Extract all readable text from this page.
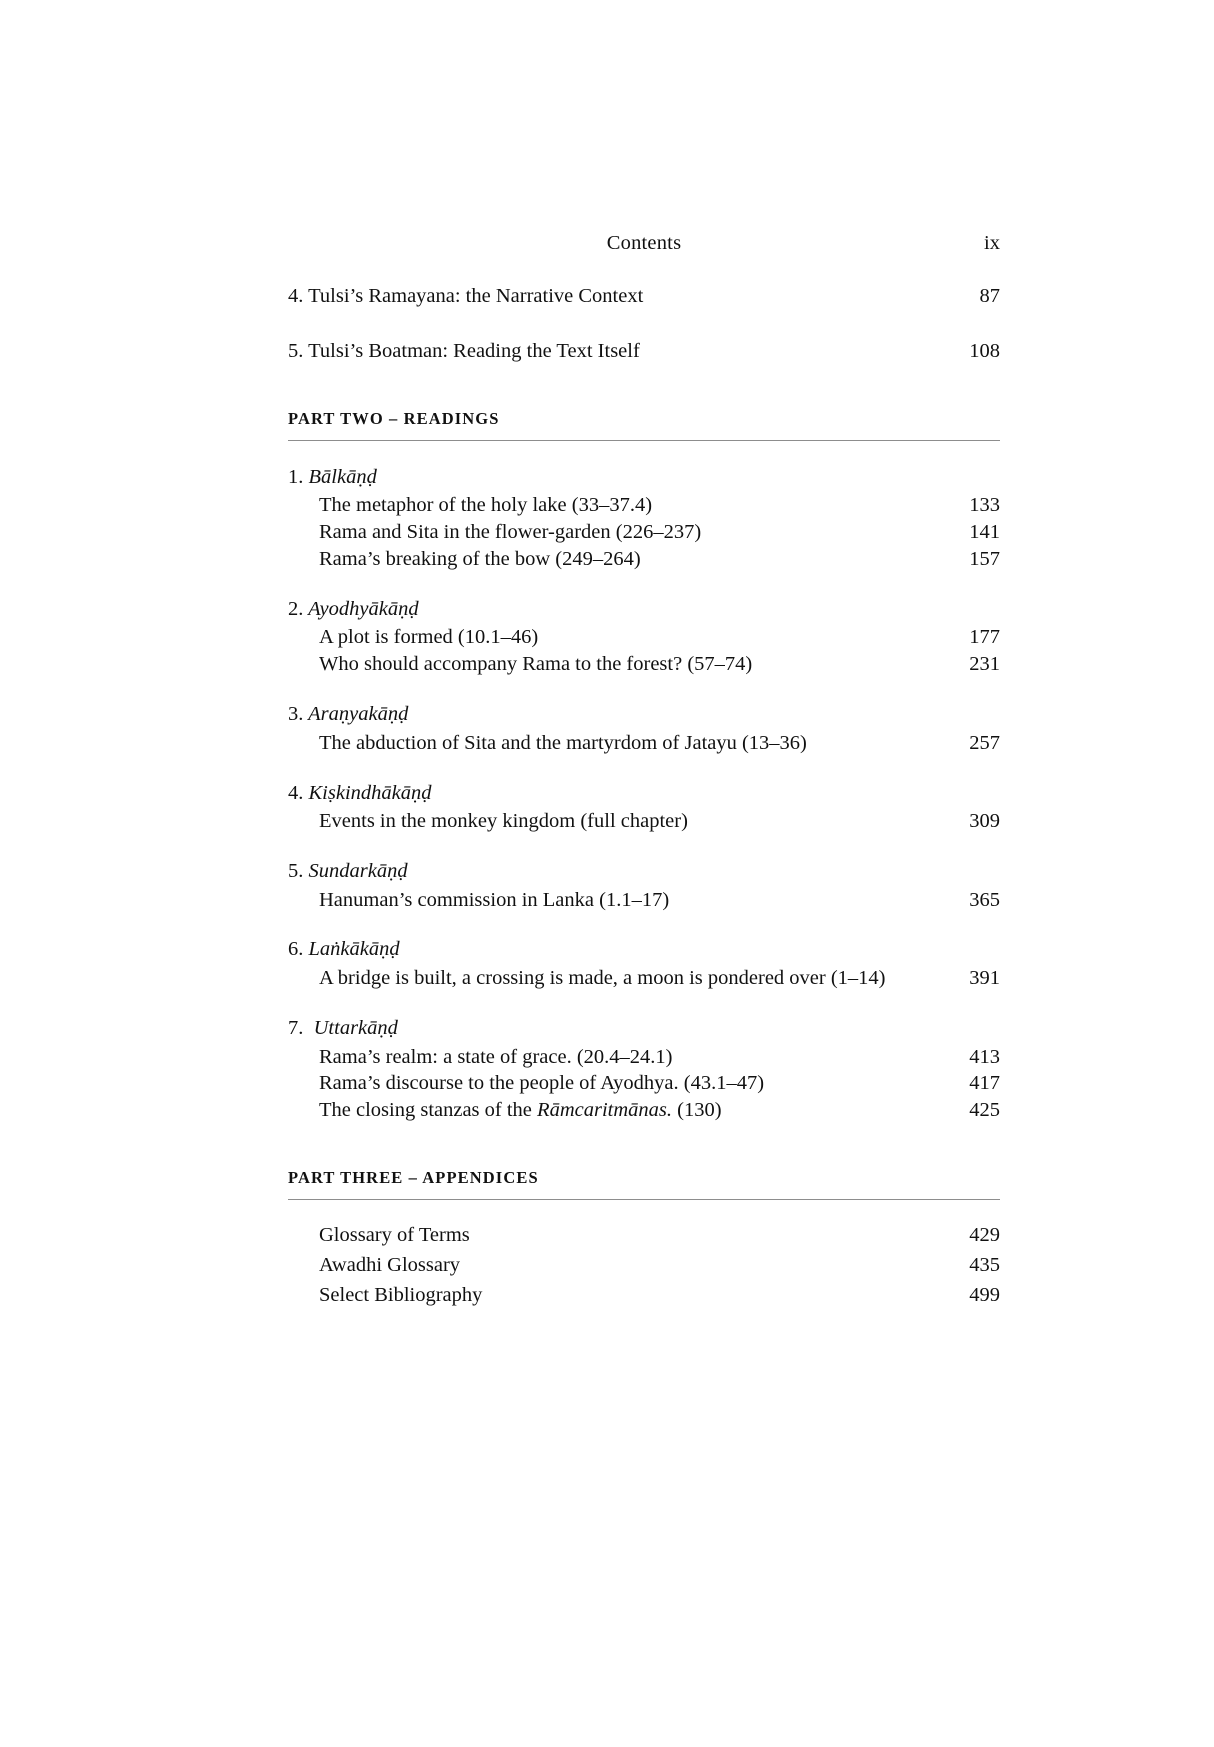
Contents	ix
4. Tulsi’s Ramayana: the Narrative Context	87
5. Tulsi’s Boatman: Reading the Text Itself	108
PART TWO – READINGS
1. Bālkāṇḍ
The metaphor of the holy lake (33–37.4)	133
Rama and Sita in the flower-garden (226–237)	141
Rama’s breaking of the bow (249–264)	157
2. Ayodhyākāṇḍ
A plot is formed (10.1–46)	177
Who should accompany Rama to the forest? (57–74)	231
3. Araṇyakāṇḍ
The abduction of Sita and the martyrdom of Jatayu (13–36)	257
4. Kiṣkindhākāṇḍ
Events in the monkey kingdom (full chapter)	309
5. Sundarkāṇḍ
Hanuman’s commission in Lanka (1.1–17)	365
6. Laṅkākāṇḍ
A bridge is built, a crossing is made, a moon is pondered over (1–14)	391
7. Uttarkāṇḍ
Rama’s realm: a state of grace. (20.4–24.1)	413
Rama’s discourse to the people of Ayodhya. (43.1–47)	417
The closing stanzas of the Rāmcaritmānas. (130)	425
PART THREE – APPENDICES
Glossary of Terms	429
Awadhi Glossary	435
Select Bibliography	499
